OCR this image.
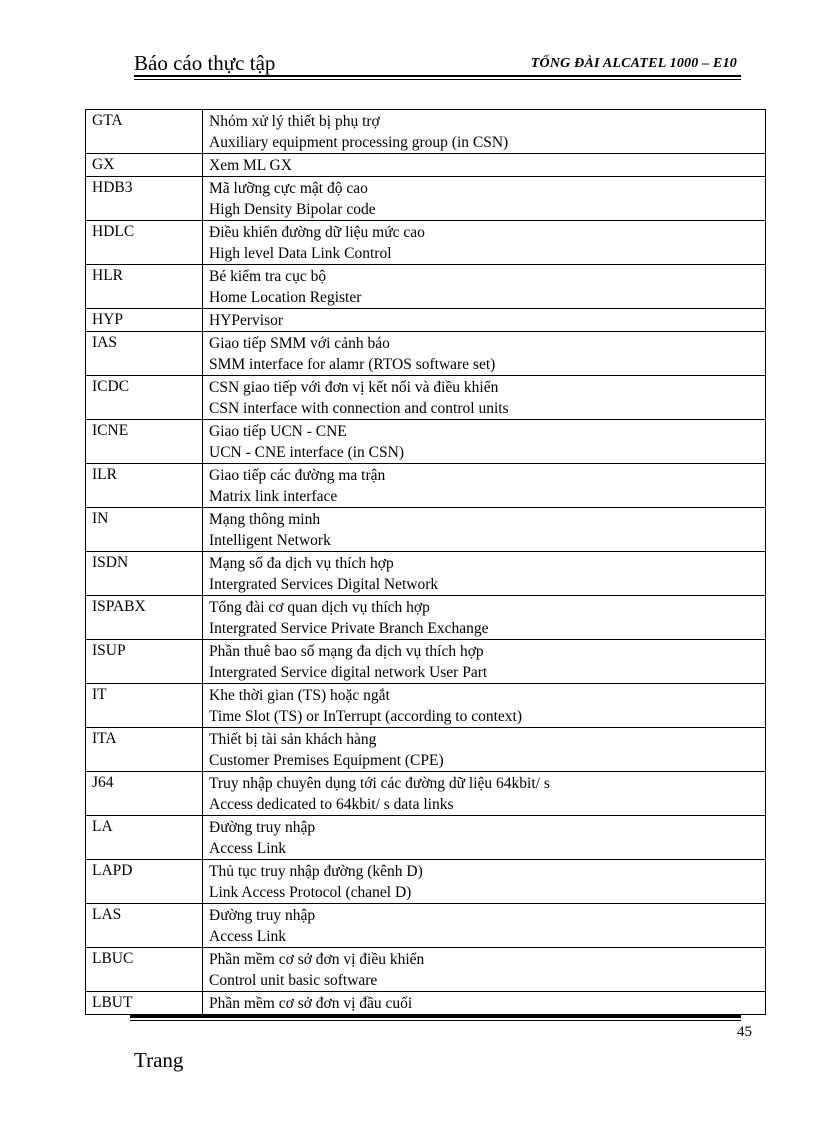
Báo cáo thực tập	TỔNG ĐÀI ALCATEL 1000 – E10
GTA	Nhóm xử lý thiết bị phụ trợ
Auxiliary equipment processing group (in CSN)

GX	Xem ML GX

HDB3	Mã lưỡng cực mật độ cao
High Density Bipolar code

HDLC	Điều khiển đường dữ liệu mức cao
High level Data Link Control

HLR	Bé kiểm tra cục bộ
Home Location Register

HYP	HYPervisor

IAS	Giao tiếp SMM với cảnh báo
SMM interface for alamr (RTOS software set)

ICDC	CSN giao tiếp với đơn vị kết nối và điều khiển
CSN interface with connection and control units

ICNE	Giao tiếp UCN - CNE
UCN - CNE interface (in CSN)

ILR	Giao tiếp các đường ma trận
Matrix link interface

IN	Mạng thông minh
Intelligent Network

ISDN	Mạng số đa dịch vụ thích hợp
Intergrated Services Digital Network

ISPABX	Tổng đài cơ quan dịch vụ thích hợp
Intergrated Service Private Branch Exchange

ISUP	Phần thuê bao số mạng đa dịch vụ thích hợp
Intergrated Service digital network User Part

IT	Khe thời gian (TS) hoặc ngắt
Time Slot (TS) or InTerrupt (according to context)

ITA	Thiết bị tài sản khách hàng
Customer Premises Equipment (CPE)

J64	Truy nhập chuyên dụng tới các đường dữ liệu 64kbit/ s
Access dedicated to 64kbit/ s data links

LA	Đường truy nhập
Access Link

LAPD	Thủ tục truy nhập đường (kênh D)
Link Access Protocol (chanel D)

LAS	Đường truy nhập
Access Link

LBUC	Phần mềm cơ sở đơn vị điều khiển
Control unit basic software

LBUT	Phần mềm cơ sở đơn vị đầu cuối
45
Trang
